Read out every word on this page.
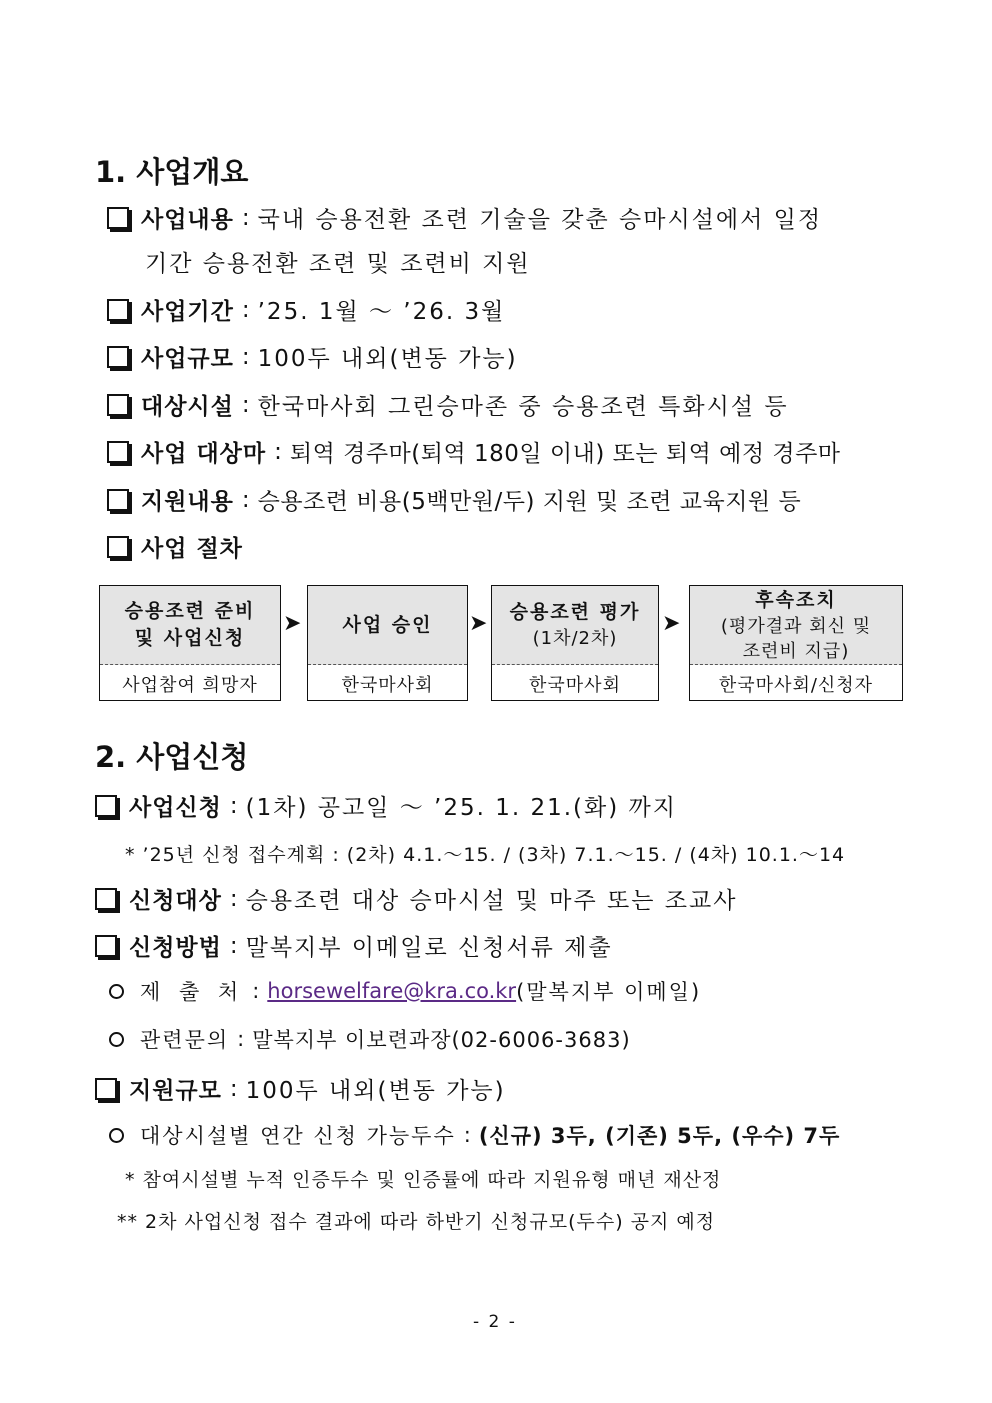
1. 사업개요
사업내용 : 국내 승용전환 조련 기술을 갖춘 승마시설에서 일정
기간 승용전환 조련 및 조련비 지원
사업기간 : ’25. 1월 ～ ’26. 3월
사업규모 : 100두 내외(변동 가능)
대상시설 : 한국마사회 그린승마존 중 승용조련 특화시설 등
사업 대상마 : 퇴역 경주마(퇴역 180일 이내) 또는 퇴역 예정 경주마
지원내용 : 승용조련 비용(5백만원/두) 지원 및 조련 교육지원 등
사업 절차
승용조련 준비
및 사업신청
사업참여 희망자
➤ 사업 승인
한국마사회
➤ 승용조련 평가
(1차/2차)
한국마사회
➤
후속조치
(평가결과 회신 및
조련비 지급)
한국마사회/신청자
2. 사업신청
사업신청 : (1차) 공고일 ～ ’25. 1. 21.(화) 까지
* ’25년 신청 접수계획 : (2차) 4.1.～15. / (3차) 7.1.～15. / (4차) 10.1.～14
신청대상 : 승용조련 대상 승마시설 및 마주 또는 조교사
신청방법 : 말복지부 이메일로 신청서류 제출
제 출 처 : horsewelfare@kra.co.kr (말복지부 이메일)
관련문의 : 말복지부 이보련과장(02-6006-3683)
지원규모 : 100두 내외(변동 가능)
대상시설별 연간 신청 가능두수 : (신규) 3두, (기존) 5두, (우수) 7두
* 참여시설별 누적 인증두수 및 인증률에 따라 지원유형 매년 재산정
** 2차 사업신청 접수 결과에 따라 하반기 신청규모(두수) 공지 예정
- 2 -
